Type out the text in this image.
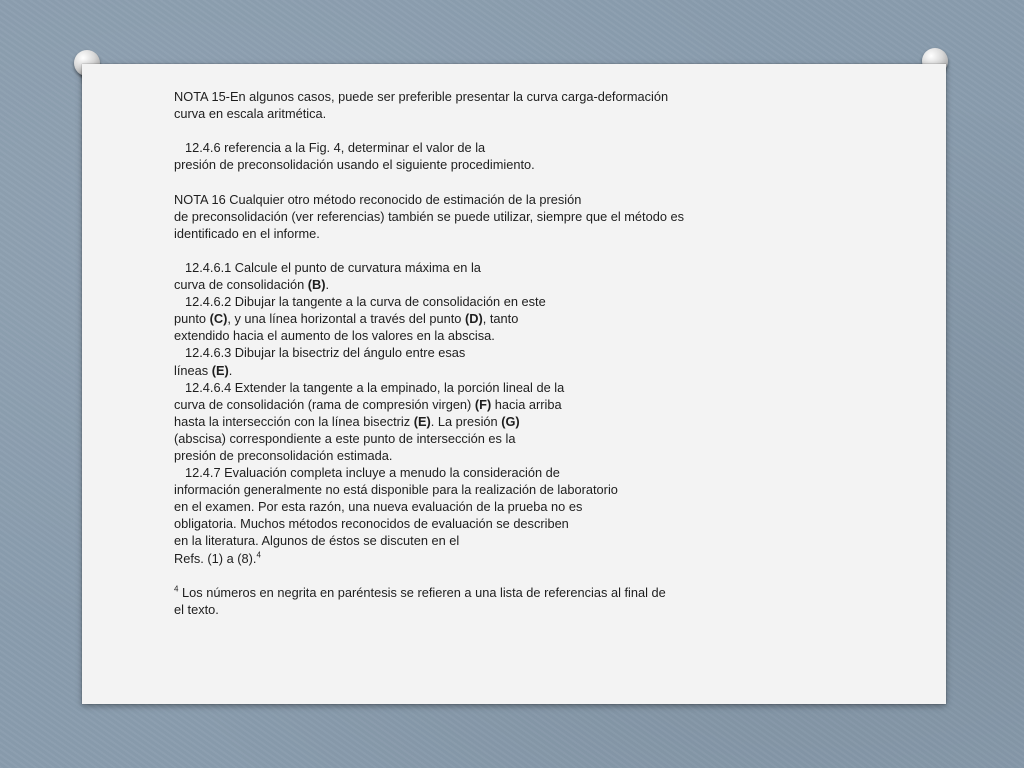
NOTA 15-En algunos casos, puede ser preferible presentar la curva carga-deformación
curva en escala aritmética.
12.4.6 referencia a la Fig. 4, determinar el valor de la
presión de preconsolidación usando el siguiente procedimiento.
NOTA 16 Cualquier otro método reconocido de estimación de la presión
de preconsolidación (ver referencias) también se puede utilizar, siempre que el método es
identificado en el informe.
12.4.6.1 Calcule el punto de curvatura máxima en la
curva de consolidación (B).
12.4.6.2 Dibujar la tangente a la curva de consolidación en este
punto (C), y una línea horizontal a través del punto (D), tanto
extendido hacia el aumento de los valores en la abscisa.
12.4.6.3 Dibujar la bisectriz del ángulo entre esas
líneas (E).
12.4.6.4 Extender la tangente a la empinado, la porción lineal de la
curva de consolidación (rama de compresión virgen) (F) hacia arriba
hasta la intersección con la línea bisectriz (E). La presión (G)
(abscisa) correspondiente a este punto de intersección es la
presión de preconsolidación estimada.
12.4.7 Evaluación completa incluye a menudo la consideración de
información generalmente no está disponible para la realización de laboratorio
en el examen. Por esta razón, una nueva evaluación de la prueba no es
obligatoria. Muchos métodos reconocidos de evaluación se describen
en la literatura. Algunos de éstos se discuten en el
Refs. (1) a (8).$^4$
$^4$ Los números en negrita en paréntesis se refieren a una lista de referencias al final de
el texto.
